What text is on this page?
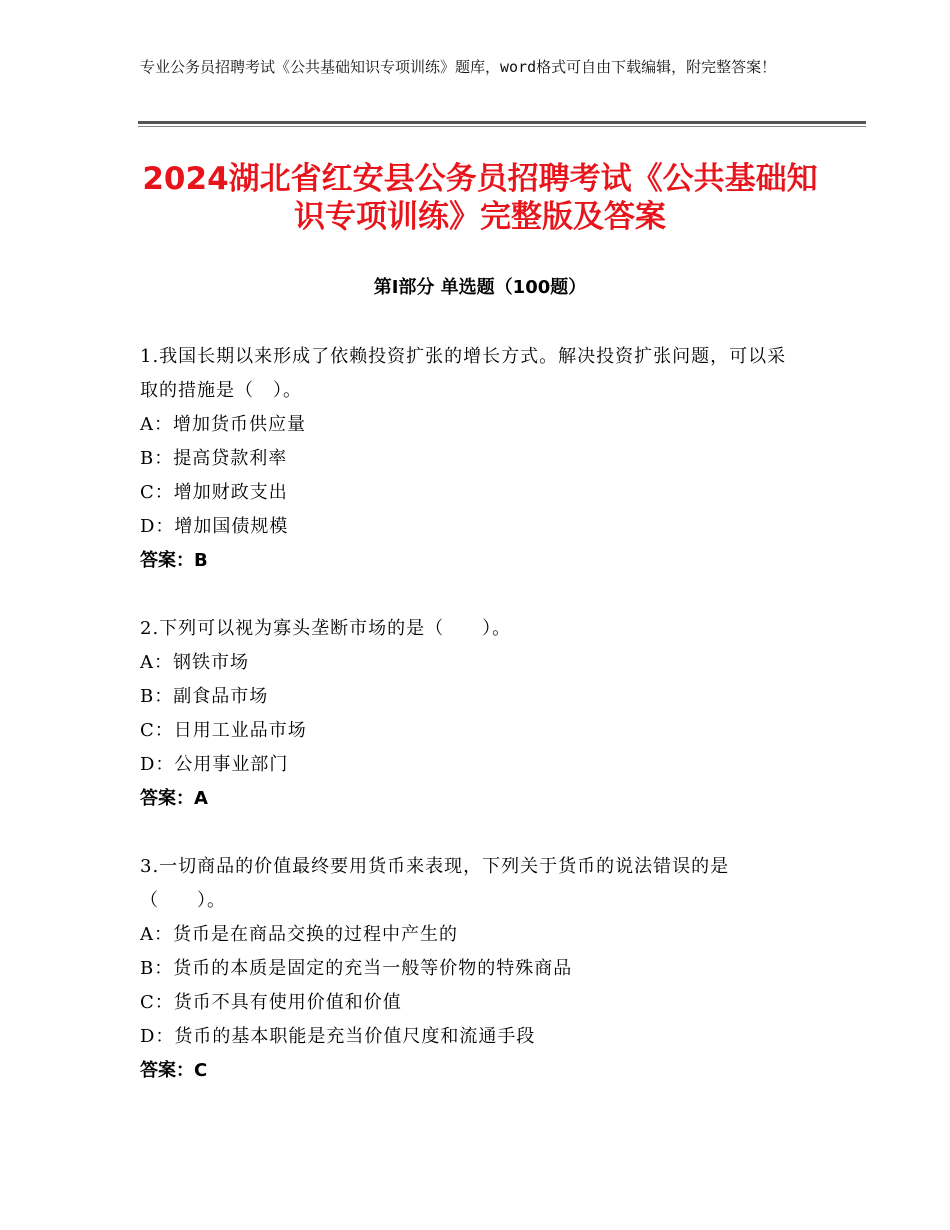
专业公务员招聘考试《公共基础知识专项训练》题库，word格式可自由下载编辑，附完整答案！
2024湖北省红安县公务员招聘考试《公共基础知识专项训练》完整版及答案
第Ⅰ部分 单选题（100题）
1.我国长期以来形成了依赖投资扩张的增长方式。解决投资扩张问题，可以采取的措施是（　）。
A：增加货币供应量
B：提高贷款利率
C：增加财政支出
D：增加国债规模
答案：B
2.下列可以视为寡头垄断市场的是（　　）。
A：钢铁市场
B：副食品市场
C：日用工业品市场
D：公用事业部门
答案：A
3.一切商品的价值最终要用货币来表现，下列关于货币的说法错误的是（　　）。
A：货币是在商品交换的过程中产生的
B：货币的本质是固定的充当一般等价物的特殊商品
C：货币不具有使用价值和价值
D：货币的基本职能是充当价值尺度和流通手段
答案：C
